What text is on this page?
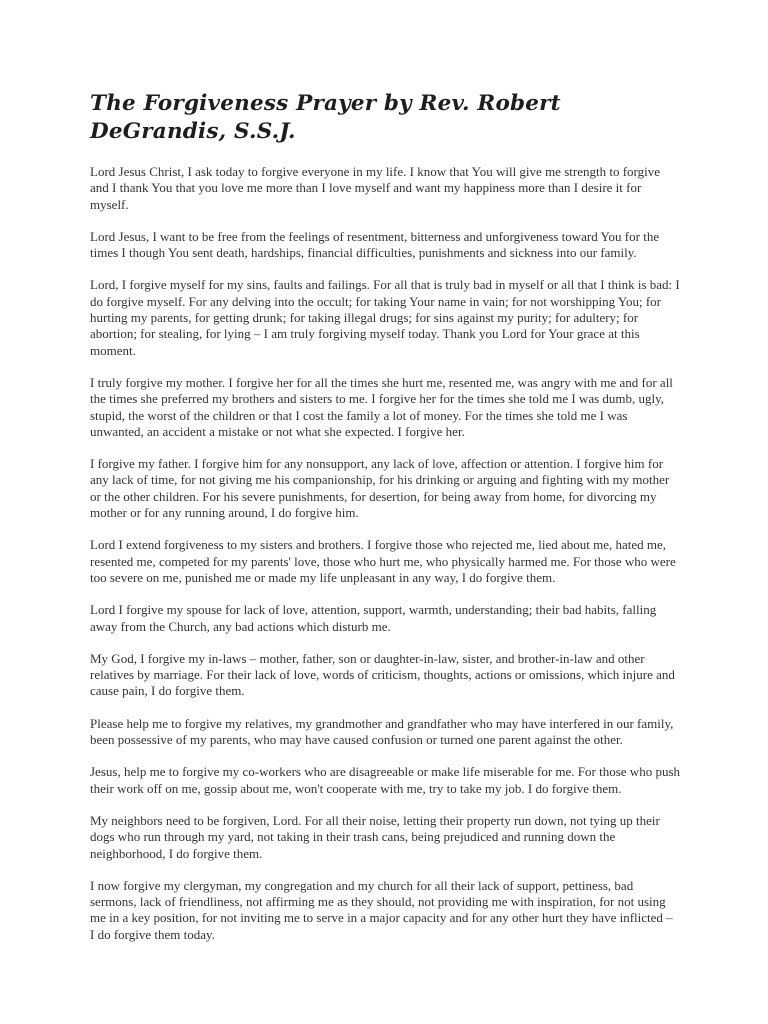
The Forgiveness Prayer by Rev. Robert DeGrandis, S.S.J.

Lord Jesus Christ, I ask today to forgive everyone in my life. I know that You will give me strength to forgive and I thank You that you love me more than I love myself and want my happiness more than I desire it for myself.

Lord Jesus, I want to be free from the feelings of resentment, bitterness and unforgiveness toward You for the times I though You sent death, hardships, financial difficulties, punishments and sickness into our family.

Lord, I forgive myself for my sins, faults and failings. For all that is truly bad in myself or all that I think is bad: I do forgive myself. For any delving into the occult; for taking Your name in vain; for not worshipping You; for hurting my parents, for getting drunk; for taking illegal drugs; for sins against my purity; for adultery; for abortion; for stealing, for lying – I am truly forgiving myself today. Thank you Lord for Your grace at this moment.

I truly forgive my mother. I forgive her for all the times she hurt me, resented me, was angry with me and for all the times she preferred my brothers and sisters to me. I forgive her for the times she told me I was dumb, ugly, stupid, the worst of the children or that I cost the family a lot of money. For the times she told me I was unwanted, an accident a mistake or not what she expected. I forgive her.

I forgive my father. I forgive him for any nonsupport, any lack of love, affection or attention. I forgive him for any lack of time, for not giving me his companionship, for his drinking or arguing and fighting with my mother or the other children. For his severe punishments, for desertion, for being away from home, for divorcing my mother or for any running around, I do forgive him.

Lord I extend forgiveness to my sisters and brothers. I forgive those who rejected me, lied about me, hated me, resented me, competed for my parents' love, those who hurt me, who physically harmed me. For those who were too severe on me, punished me or made my life unpleasant in any way, I do forgive them.

Lord I forgive my spouse for lack of love, attention, support, warmth, understanding; their bad habits, falling away from the Church, any bad actions which disturb me.

My God, I forgive my in-laws – mother, father, son or daughter-in-law, sister, and brother-in-law and other relatives by marriage. For their lack of love, words of criticism, thoughts, actions or omissions, which injure and cause pain, I do forgive them.

Please help me to forgive my relatives, my grandmother and grandfather who may have interfered in our family, been possessive of my parents, who may have caused confusion or turned one parent against the other.

Jesus, help me to forgive my co-workers who are disagreeable or make life miserable for me. For those who push their work off on me, gossip about me, won't cooperate with me, try to take my job. I do forgive them.

My neighbors need to be forgiven, Lord. For all their noise, letting their property run down, not tying up their dogs who run through my yard, not taking in their trash cans, being prejudiced and running down the neighborhood, I do forgive them.

I now forgive my clergyman, my congregation and my church for all their lack of support, pettiness, bad sermons, lack of friendliness, not affirming me as they should, not providing me with inspiration, for not using me in a key position, for not inviting me to serve in a major capacity and for any other hurt they have inflicted – I do forgive them today.
